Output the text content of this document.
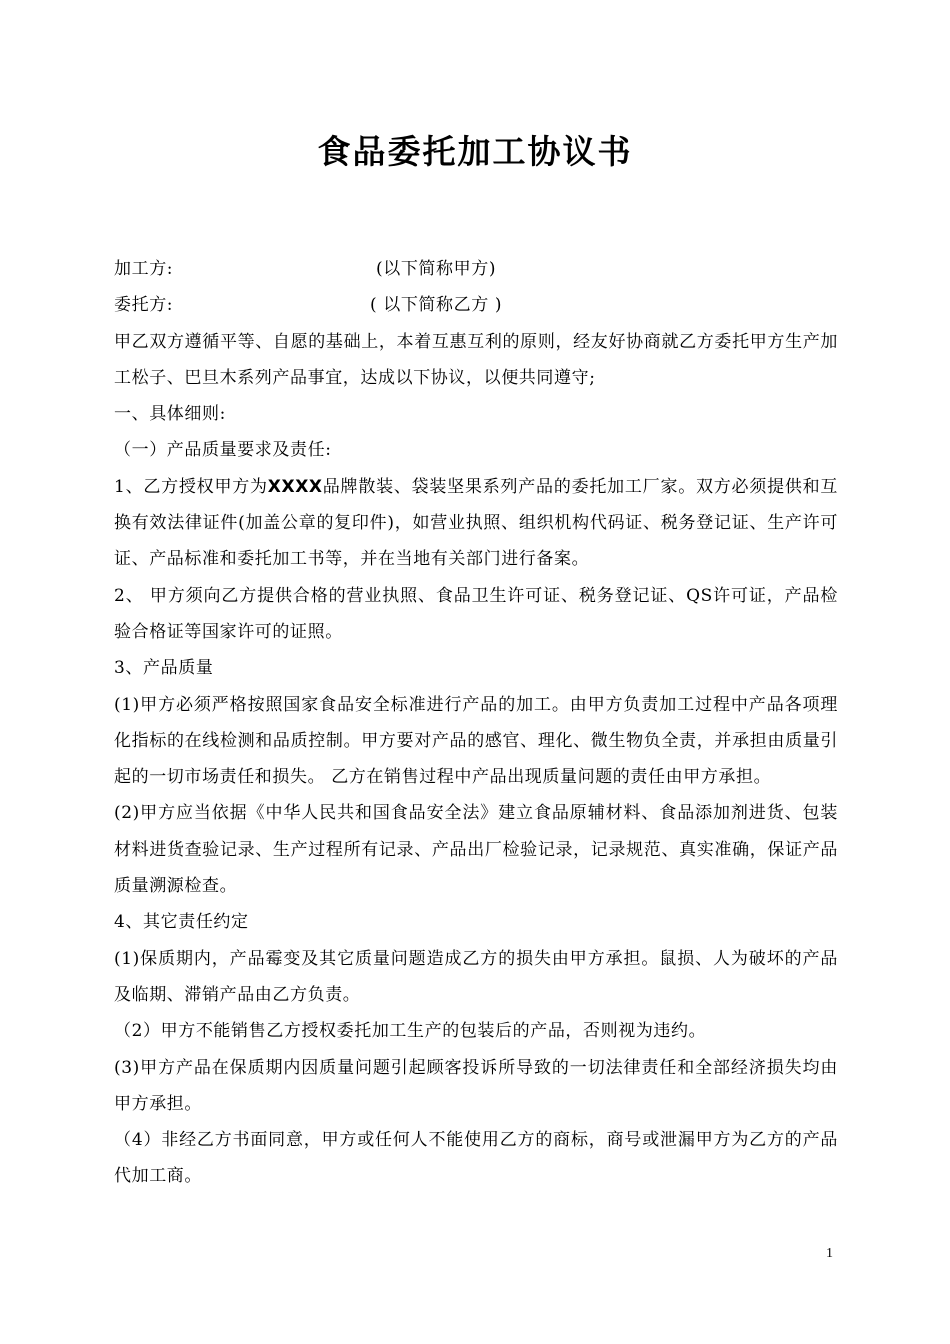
食品委托加工协议书

加工方:	(以下简称甲方)

委托方:	( 以下简称乙方 )

甲乙双方遵循平等、自愿的基础上，本着互惠互利的原则，经友好协商就乙方委托甲方生产加工松子、巴旦木系列产品事宜，达成以下协议，以便共同遵守;

一、具体细则:

（一）产品质量要求及责任:

1、乙方授权甲方为XXXX品牌散装、袋装坚果系列产品的委托加工厂家。双方必须提供和互换有效法律证件(加盖公章的复印件)，如营业执照、组织机构代码证、税务登记证、生产许可证、产品标准和委托加工书等，并在当地有关部门进行备案。

2、 甲方须向乙方提供合格的营业执照、食品卫生许可证、税务登记证、QS许可证，产品检验合格证等国家许可的证照。

3、产品质量

(1)甲方必须严格按照国家食品安全标准进行产品的加工。由甲方负责加工过程中产品各项理化指标的在线检测和品质控制。甲方要对产品的感官、理化、微生物负全责，并承担由质量引起的一切市场责任和损失。 乙方在销售过程中产品出现质量问题的责任由甲方承担。

(2)甲方应当依据《中华人民共和国食品安全法》建立食品原辅材料、食品添加剂进货、包装材料进货查验记录、生产过程所有记录、产品出厂检验记录，记录规范、真实准确，保证产品质量溯源检查。

4、其它责任约定

(1)保质期内，产品霉变及其它质量问题造成乙方的损失由甲方承担。鼠损、人为破坏的产品及临期、滞销产品由乙方负责。

（2）甲方不能销售乙方授权委托加工生产的包装后的产品，否则视为违约。

(3)甲方产品在保质期内因质量问题引起顾客投诉所导致的一切法律责任和全部经济损失均由甲方承担。

（4）非经乙方书面同意，甲方或任何人不能使用乙方的商标，商号或泄漏甲方为乙方的产品代加工商。

1
